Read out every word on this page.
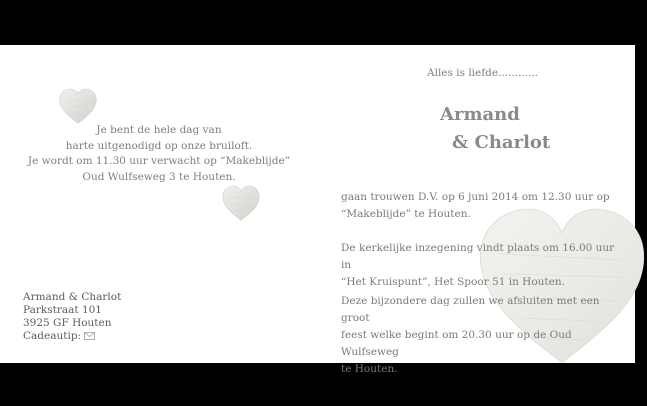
Je bent de hele dag van
harte uitgenodigd op onze bruiloft.
Je wordt om 11.30 uur verwacht op “Makeblijde”
Oud Wulfseweg 3 te Houten.
Armand & Charlot
Parkstraat 101
3925 GF Houten
Cadeautip:
Alles is liefde............
Armand
& Charlot
gaan trouwen D.V. op 6 juni 2014 om 12.30 uur op
“Makeblijde” te Houten.
De kerkelijke inzegening vindt plaats om 16.00 uur in
“Het Kruispunt”, Het Spoor 51 in Houten.
Deze bijzondere dag zullen we afsluiten met een groot
feest welke begint om 20.30 uur op de Oud Wulfseweg
te Houten.
